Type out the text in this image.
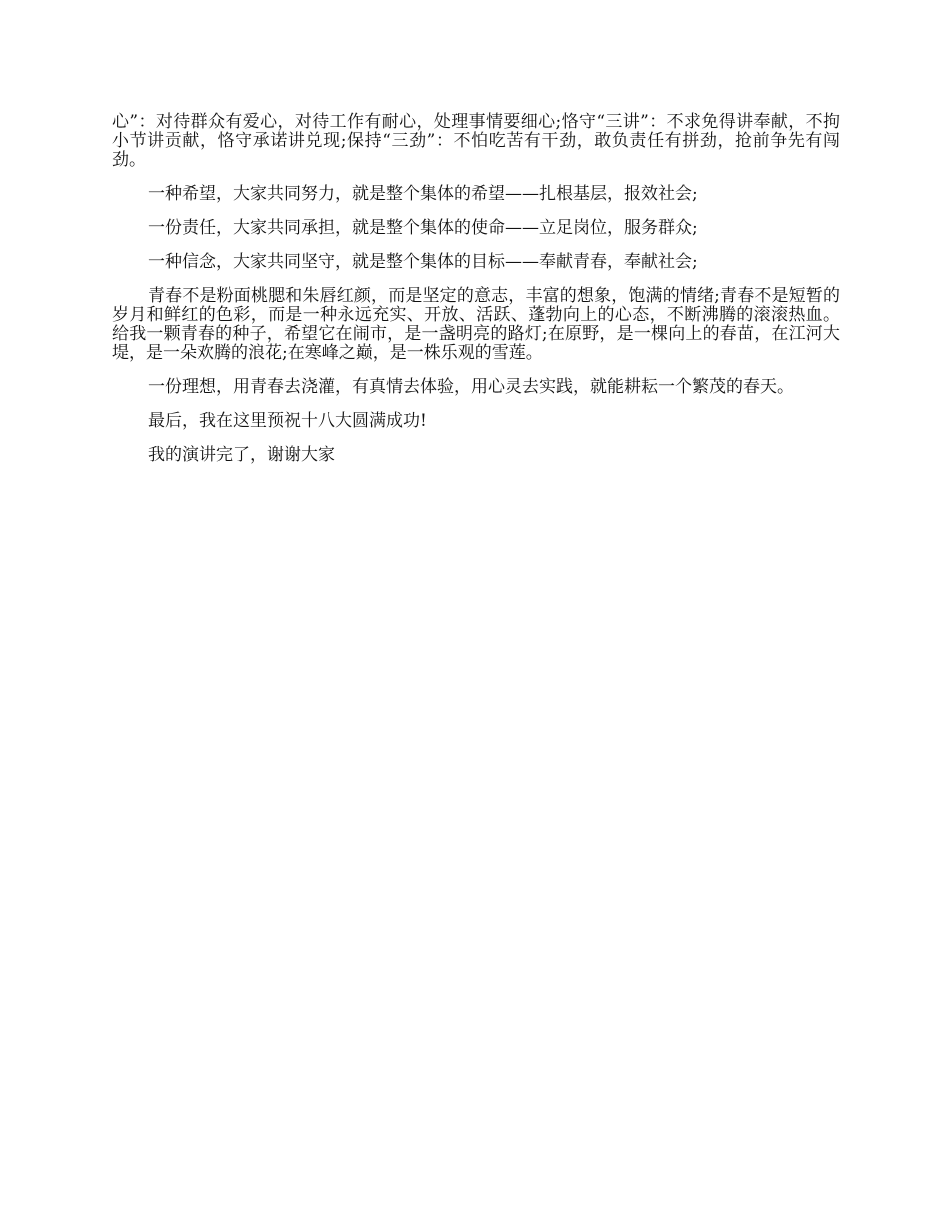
心”：对待群众有爱心，对待工作有耐心，处理事情要细心;恪守“三讲”：不求免得讲奉献，不拘小节讲贡献，恪守承诺讲兑现;保持“三劲”：不怕吃苦有干劲，敢负责任有拼劲，抢前争先有闯劲。

一种希望，大家共同努力，就是整个集体的希望——扎根基层，报效社会;

一份责任，大家共同承担，就是整个集体的使命——立足岗位，服务群众;

一种信念，大家共同坚守，就是整个集体的目标——奉献青春，奉献社会;

青春不是粉面桃腮和朱唇红颜，而是坚定的意志，丰富的想象，饱满的情绪;青春不是短暂的岁月和鲜红的色彩，而是一种永远充实、开放、活跃、蓬勃向上的心态，不断沸腾的滚滚热血。给我一颗青春的种子，希望它在闹市，是一盏明亮的路灯;在原野，是一棵向上的春苗，在江河大堤，是一朵欢腾的浪花;在寒峰之巅，是一株乐观的雪莲。

一份理想，用青春去浇灌，有真情去体验，用心灵去实践，就能耕耘一个繁茂的春天。

最后，我在这里预祝十八大圆满成功!

我的演讲完了，谢谢大家
